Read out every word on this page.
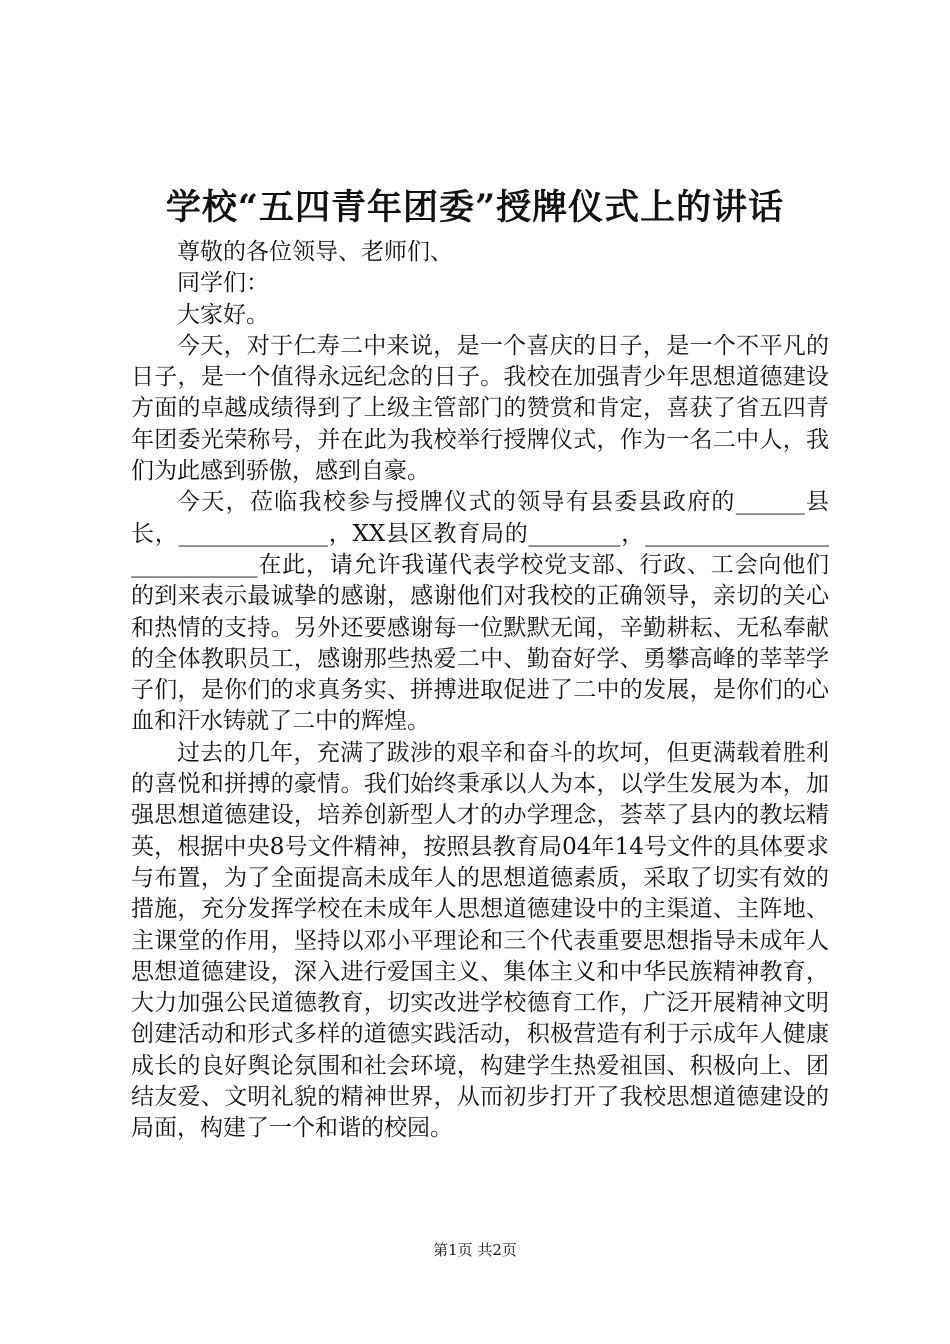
学校“五四青年团委”授牌仪式上的讲话

尊敬的各位领导、老师们、

同学们：

大家好。

今天，对于仁寿二中来说，是一个喜庆的日子，是一个不平凡的日子，是一个值得永远纪念的日子。我校在加强青少年思想道德建设方面的卓越成绩得到了上级主管部门的赞赏和肯定，喜获了省五四青年团委光荣称号，并在此为我校举行授牌仪式，作为一名二中人，我们为此感到骄傲，感到自豪。

今天，莅临我校参与授牌仪式的领导有县委县政府的______县长，_____________，XX县区教育局的________，___________________________在此，请允许我谨代表学校党支部、行政、工会向他们的到来表示最诚挚的感谢，感谢他们对我校的正确领导，亲切的关心和热情的支持。另外还要感谢每一位默默无闻，辛勤耕耘、无私奉献的全体教职员工，感谢那些热爱二中、勤奋好学、勇攀高峰的莘莘学子们，是你们的求真务实、拼搏进取促进了二中的发展，是你们的心血和汗水铸就了二中的辉煌。

过去的几年，充满了跋涉的艰辛和奋斗的坎坷，但更满载着胜利的喜悦和拼搏的豪情。我们始终秉承以人为本，以学生发展为本，加强思想道德建设，培养创新型人才的办学理念，荟萃了县内的教坛精英，根据中央8号文件精神，按照县教育局04年14号文件的具体要求与布置，为了全面提高未成年人的思想道德素质，采取了切实有效的措施，充分发挥学校在未成年人思想道德建设中的主渠道、主阵地、主课堂的作用，坚持以邓小平理论和三个代表重要思想指导未成年人思想道德建设，深入进行爱国主义、集体主义和中华民族精神教育，大力加强公民道德教育，切实改进学校德育工作，广泛开展精神文明创建活动和形式多样的道德实践活动，积极营造有利于示成年人健康成长的良好舆论氛围和社会环境，构建学生热爱祖国、积极向上、团结友爱、文明礼貌的精神世界，从而初步打开了我校思想道德建设的局面，构建了一个和谐的校园。

第1页 共2页
